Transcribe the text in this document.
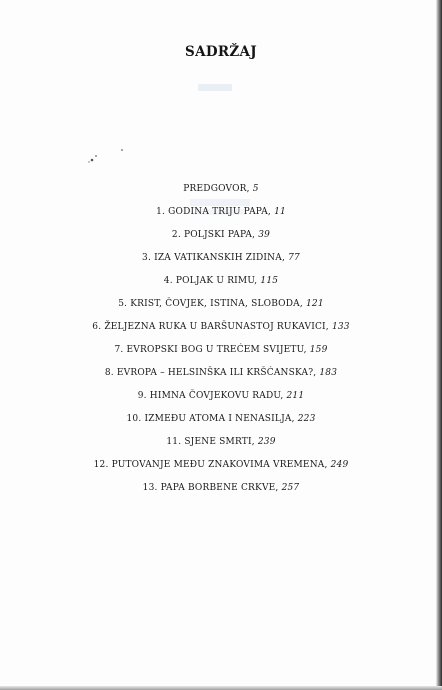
SADRŽAJ
PREDGOVOR, 5
1. GODINA TRIJU PAPA, 11
2. POLJSKI PAPA, 39
3. IZA VATIKANSKIH ZIDINA, 77
4. POLJAK U RIMU, 115
5. KRIST, ČOVJEK, ISTINA, SLOBODA, 121
6. ŽELJEZNA RUKA U BARŠUNASTOJ RUKAVICI, 133
7. EVROPSKI BOG U TREĆEM SVIJETU, 159
8. EVROPA – HELSINŠKA ILI KRŠĆANSKA?, 183
9. HIMNA ČOVJEKOVU RADU, 211
10. IZMEĐU ATOMA I NENASILJA, 223
11. SJENE SMRTI, 239
12. PUTOVANJE MEĐU ZNAKOVIMA VREMENA, 249
13. PAPA BORBENE CRKVE, 257
